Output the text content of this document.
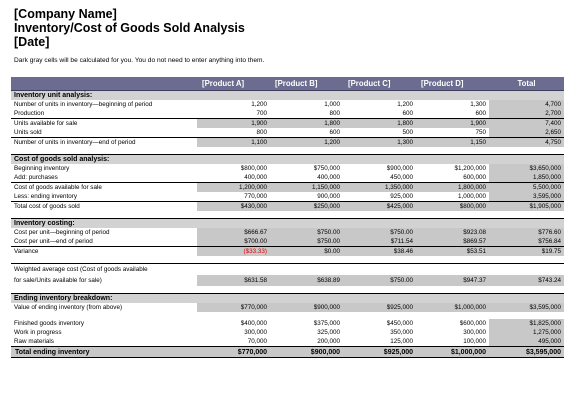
[Company Name]
Inventory/Cost of Goods Sold Analysis
[Date]
Dark gray cells will be calculated for you. You do not need to enter anything into them.
	[Product A]	[Product B]	[Product C]	[Product D]	Total
Inventory unit analysis:					
Number of units in inventory—beginning of period	1,200	1,000	1,200	1,300	4,700
Production	700	800	600	600	2,700
Units available for sale	1,900	1,800	1,800	1,900	7,400
Units sold	800	600	500	750	2,650
Number of units in inventory—end of period	1,100	1,200	1,300	1,150	4,750

Cost of goods sold analysis:					
Beginning inventory	$800,000	$750,000	$900,000	$1,200,000	$3,650,000
Add: purchases	400,000	400,000	450,000	600,000	1,850,000
Cost of goods available for sale	1,200,000	1,150,000	1,350,000	1,800,000	5,500,000
Less: ending inventory	770,000	900,000	925,000	1,000,000	3,595,000
Total cost of goods sold	$430,000	$250,000	$425,000	$800,000	$1,905,000

Inventory costing:					
Cost per unit—beginning of period	$666.67	$750.00	$750.00	$923.08	$776.60
Cost per unit—end of period	$700.00	$750.00	$711.54	$869.57	$756.84
Variance	($33.33)	$0.00	$38.46	$53.51	$19.75

Weighted average cost (Cost of goods available					
for sale/Units available for sale)	$631.58	$638.89	$750.00	$947.37	$743.24

Ending inventory breakdown:					
Value of ending inventory (from above)	$770,000	$900,000	$925,000	$1,000,000	$3,595,000

Finished goods inventory	$400,000	$375,000	$450,000	$600,000	$1,825,000
Work in progress	300,000	325,000	350,000	300,000	1,275,000
Raw materials	70,000	200,000	125,000	100,000	495,000
Total ending inventory	$770,000	$900,000	$925,000	$1,000,000	$3,595,000
